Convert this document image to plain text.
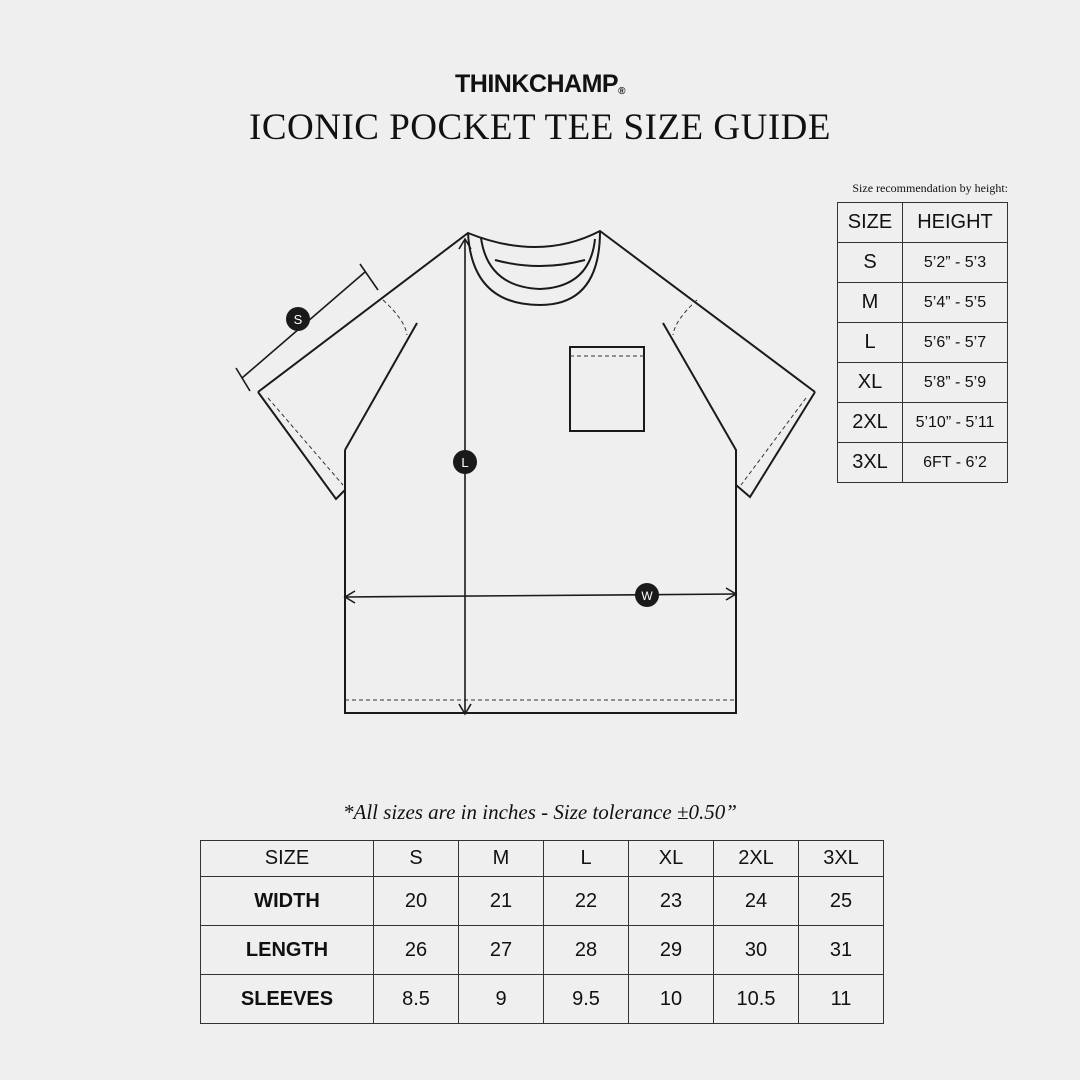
THINKCHAMP®
ICONIC POCKET TEE SIZE GUIDE
S
L
W
Size recommendation by height:
SIZE	HEIGHT
S	5’2” - 5’3
M	5’4” - 5’5
L	5’6” - 5’7
XL	5’8” - 5’9
2XL	5’10” - 5’11
3XL	6FT - 6’2
*All sizes are in inches - Size tolerance ±0.50”
SIZE	S	M	L	XL	2XL	3XL
WIDTH	20	21	22	23	24	25
LENGTH	26	27	28	29	30	31
SLEEVES	8.5	9	9.5	10	10.5	11
